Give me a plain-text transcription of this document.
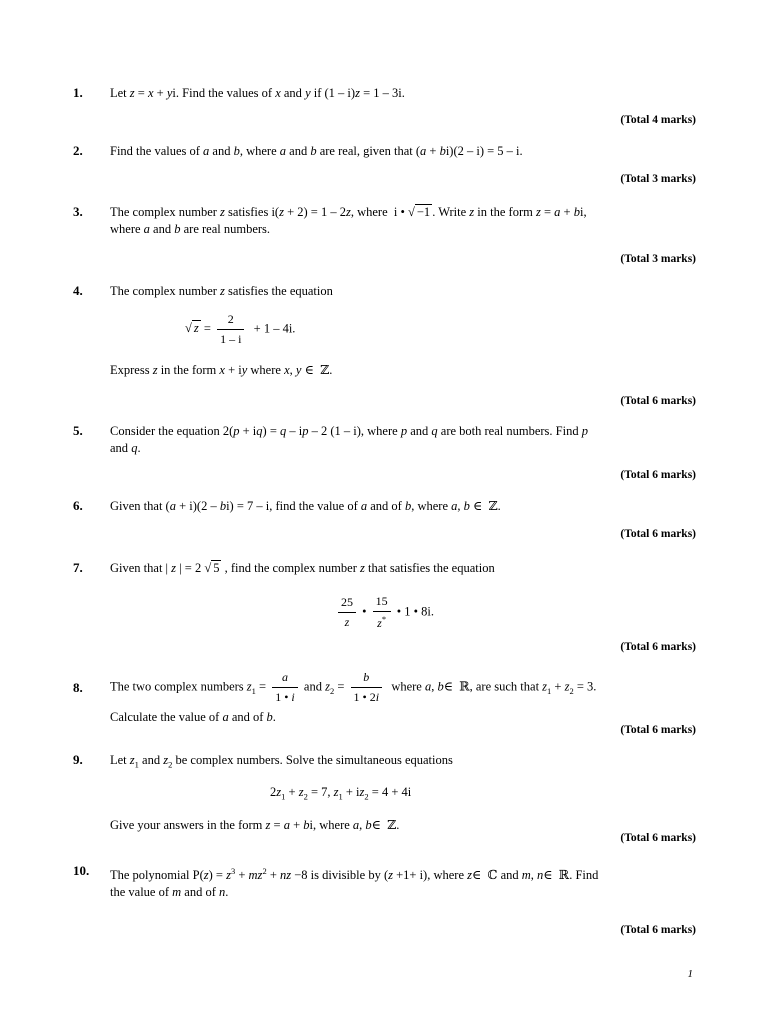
1. Let z = x + yi. Find the values of x and y if (1 – i)z = 1 – 3i.
(Total 4 marks)
2. Find the values of a and b, where a and b are real, given that (a + bi)(2 – i) = 5 – i.
(Total 3 marks)
3. The complex number z satisfies i(z + 2) = 1 – 2z, where  i • √ −1 . Write z in the form z = a + bi,
where a and b are real numbers.
(Total 3 marks)
4. The complex number z satisfies the equation
√ $z = \frac{2}{1 - i} + 1 - 4i$.
Express z in the form x + iy where x, y ∈  ℤ.
(Total 6 marks)
5. Consider the equation 2(p + iq) = q – ip – 2 (1 – i), where p and q are both real numbers. Find p
and q.
(Total 6 marks)
6. Given that (a + i)(2 – bi) = 7 – i, find the value of a and of b, where a, b ∈  ℤ.
(Total 6 marks)
7. Given that | z | = 2 √ 5 , find the complex number z that satisfies the equation
$\frac{25}{z}$ • $\frac{15}{z^*}$ • 1 • 8i.
(Total 6 marks)
8. The two complex numbers $z_1 = \frac{a}{1 • i}$ and $z_2 = \frac{b}{1 • 2i}$ where a, b∈  ℝ, are such that $z_1 + z_2 = 3$.
Calculate the value of a and of b.
(Total 6 marks)
9. Let $z_1$ and $z_2$ be complex numbers. Solve the simultaneous equations
$2z_1 + z_2 = 7$, $z_1 + iz_2 = 4 + 4i$
Give your answers in the form z = a + bi, where a, b∈  ℤ.
(Total 6 marks)
10. The polynomial $P(z) = z^3 + mz^2$ + nz −8 is divisible by (z +1+ i), where z∈  ℂ and m, n∈  ℝ. Find
the value of m and of n.
(Total 6 marks)
1
